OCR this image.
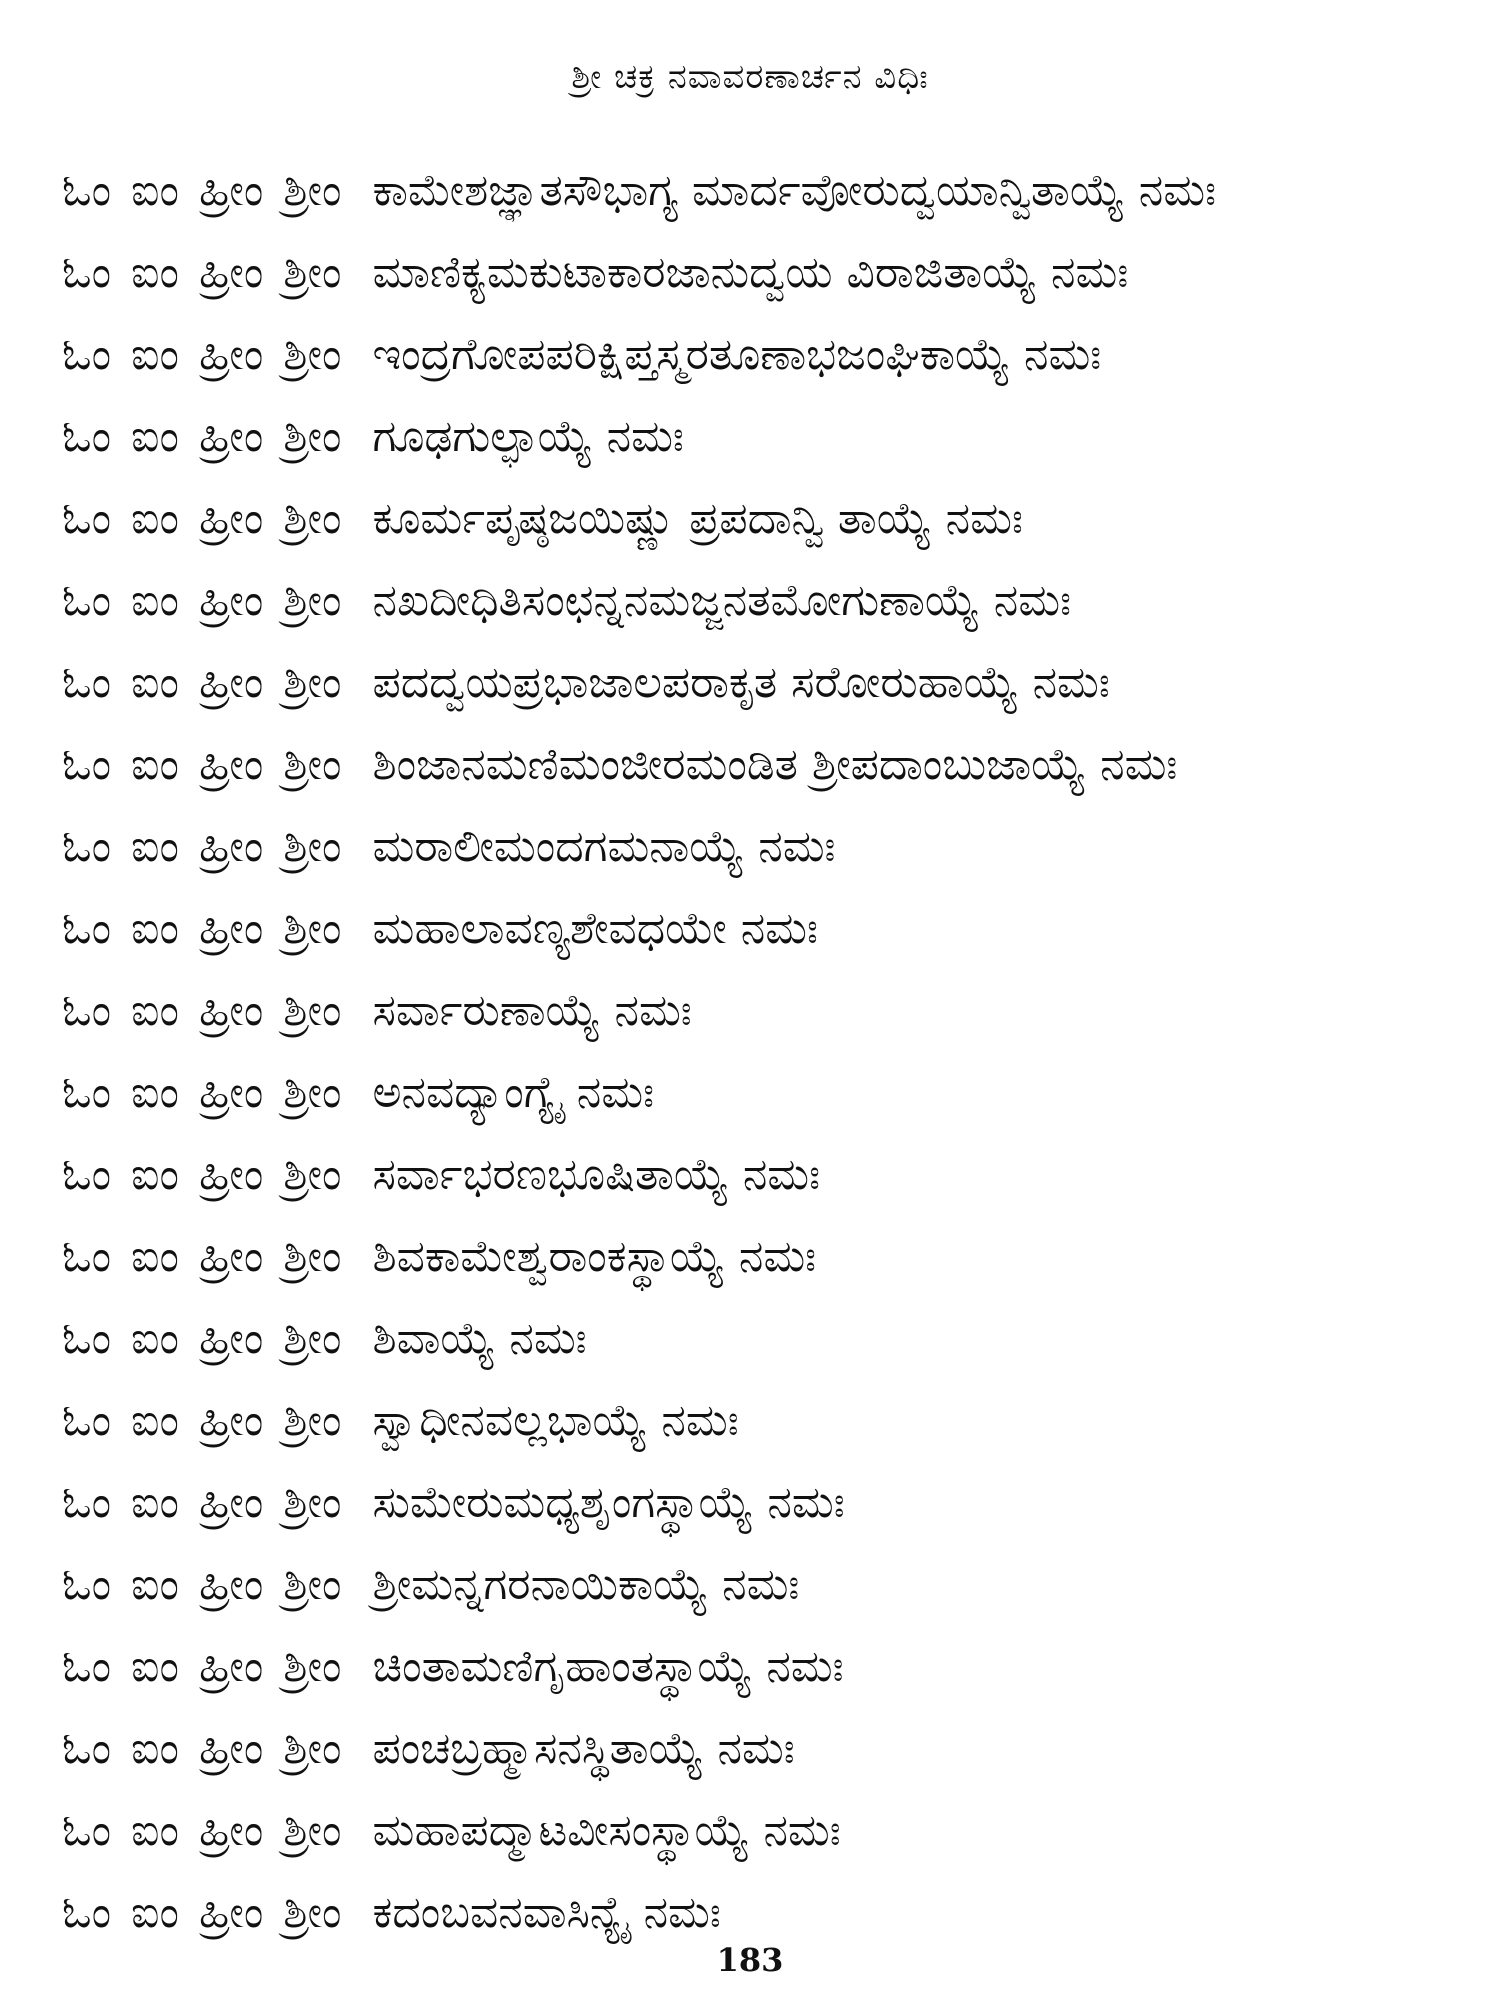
ಶ್ರೀ ಚಕ್ರ ನವಾವರಣಾರ್ಚನ ವಿಧಿಃ
ಓಂ ಐಂ ಹ್ರೀಂ ಶ್ರೀಂ ಕಾಮೇಶಜ್ಞಾತಸೌಭಾಗ್ಯ ಮಾರ್ದವೋರುದ್ವಯಾನ್ವಿತಾಯ್ಯೆ ನಮಃ
ಓಂ ಐಂ ಹ್ರೀಂ ಶ್ರೀಂ ಮಾಣಿಕ್ಯಮಕುಟಾಕಾರಜಾನುದ್ವಯ ವಿರಾಜಿತಾಯ್ಯೆ ನಮಃ
ಓಂ ಐಂ ಹ್ರೀಂ ಶ್ರೀಂ ಇಂದ್ರಗೋಪಪರಿಕ್ಷಿಪ್ತಸ್ಮರತೂಣಾಭಜಂಘಿಕಾಯ್ಯೆ ನಮಃ
ಓಂ ಐಂ ಹ್ರೀಂ ಶ್ರೀಂ ಗೂಢಗುಲ್ಫಾಯ್ಯೆ ನಮಃ
ಓಂ ಐಂ ಹ್ರೀಂ ಶ್ರೀಂ ಕೂರ್ಮಪೃಷ್ಠಜಯಿಷ್ಣು ಪ್ರಪದಾನ್ವಿ ತಾಯ್ಯೆ ನಮಃ
ಓಂ ಐಂ ಹ್ರೀಂ ಶ್ರೀಂ ನಖದೀಧಿತಿಸಂಛನ್ನನಮಜ್ಜನತಮೋಗುಣಾಯ್ಯೆ ನಮಃ
ಓಂ ಐಂ ಹ್ರೀಂ ಶ್ರೀಂ ಪದದ್ವಯಪ್ರಭಾಜಾಲಪರಾಕೃತ ಸರೋರುಹಾಯ್ಯೆ ನಮಃ
ಓಂ ಐಂ ಹ್ರೀಂ ಶ್ರೀಂ ಶಿಂಜಾನಮಣಿಮಂಜೀರಮಂಡಿತ ಶ್ರೀಪದಾಂಬುಜಾಯ್ಯೆ ನಮಃ
ಓಂ ಐಂ ಹ್ರೀಂ ಶ್ರೀಂ ಮರಾಲೀಮಂದಗಮನಾಯ್ಯೆ ನಮಃ
ಓಂ ಐಂ ಹ್ರೀಂ ಶ್ರೀಂ ಮಹಾಲಾವಣ್ಯಶೇವಧಯೇ ನಮಃ
ಓಂ ಐಂ ಹ್ರೀಂ ಶ್ರೀಂ ಸರ್ವಾರುಣಾಯ್ಯೆ ನಮಃ
ಓಂ ಐಂ ಹ್ರೀಂ ಶ್ರೀಂ ಅನವದ್ಯಾಂಗ್ಯೈ ನಮಃ
ಓಂ ಐಂ ಹ್ರೀಂ ಶ್ರೀಂ ಸರ್ವಾಭರಣಭೂಷಿತಾಯ್ಯೆ ನಮಃ
ಓಂ ಐಂ ಹ್ರೀಂ ಶ್ರೀಂ ಶಿವಕಾಮೇಶ್ವರಾಂಕಸ್ಥಾಯ್ಯೆ ನಮಃ
ಓಂ ಐಂ ಹ್ರೀಂ ಶ್ರೀಂ ಶಿವಾಯ್ಯೆ ನಮಃ
ಓಂ ಐಂ ಹ್ರೀಂ ಶ್ರೀಂ ಸ್ವಾಧೀನವಲ್ಲಭಾಯ್ಯೆ ನಮಃ
ಓಂ ಐಂ ಹ್ರೀಂ ಶ್ರೀಂ ಸುಮೇರುಮಧ್ಯಶೃಂಗಸ್ಥಾಯ್ಯೆ ನಮಃ
ಓಂ ಐಂ ಹ್ರೀಂ ಶ್ರೀಂ ಶ್ರೀಮನ್ನಗರನಾಯಿಕಾಯ್ಯೆ ನಮಃ
ಓಂ ಐಂ ಹ್ರೀಂ ಶ್ರೀಂ ಚಿಂತಾಮಣಿಗೃಹಾಂತಸ್ಥಾಯ್ಯೆ ನಮಃ
ಓಂ ಐಂ ಹ್ರೀಂ ಶ್ರೀಂ ಪಂಚಬ್ರಹ್ಮಾಸನಸ್ಥಿತಾಯ್ಯೆ ನಮಃ
ಓಂ ಐಂ ಹ್ರೀಂ ಶ್ರೀಂ ಮಹಾಪದ್ಮಾಟವೀಸಂಸ್ಥಾಯ್ಯೆ ನಮಃ
ಓಂ ಐಂ ಹ್ರೀಂ ಶ್ರೀಂ ಕದಂಬವನವಾಸಿನ್ಯೈ ನಮಃ
183
